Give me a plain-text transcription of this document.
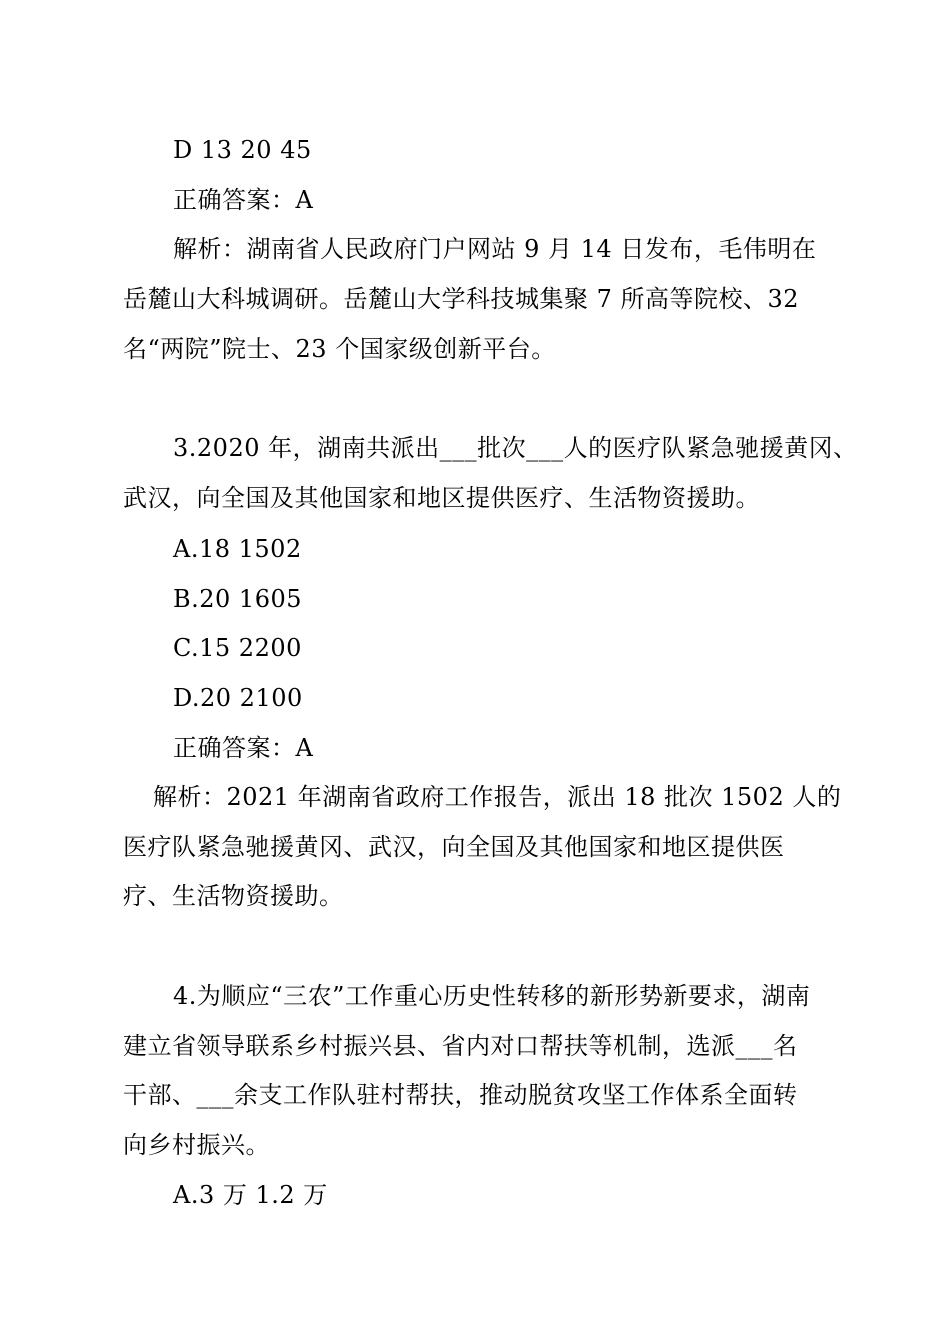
D 13 20 45
正确答案：A
解析：湖南省人民政府门户网站 9 月 14 日发布，毛伟明在
岳麓山大科城调研。岳麓山大学科技城集聚 7 所高等院校、32
名“两院”院士、23 个国家级创新平台。
3.2020 年，湖南共派出___批次___人的医疗队紧急驰援黄冈、
武汉，向全国及其他国家和地区提供医疗、生活物资援助。
A.18 1502
B.20 1605
C.15 2200
D.20 2100
正确答案：A
解析：2021 年湖南省政府工作报告，派出 18 批次 1502 人的
医疗队紧急驰援黄冈、武汉，向全国及其他国家和地区提供医
疗、生活物资援助。
4.为顺应“三农”工作重心历史性转移的新形势新要求，湖南
建立省领导联系乡村振兴县、省内对口帮扶等机制，选派___名
干部、___余支工作队驻村帮扶，推动脱贫攻坚工作体系全面转
向乡村振兴。
A.3 万 1.2 万
